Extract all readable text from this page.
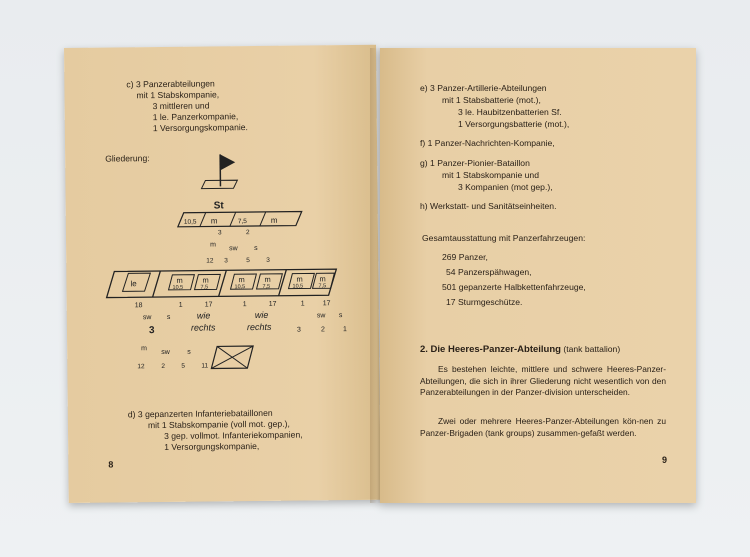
c) 3 Panzerabteilungen
mit 1 Stabskompanie,
3 mittleren und
1 le. Panzerkompanie,
1 Versorgungskompanie.
Gliederung:
St
10,5 m	7,5	m
3	2
m
sw s
12 3	5	3
le	m	m	m	m	m m
10,5	7,5	10,5	7,5	10,5	7,5
18	1	17	1	17	1	17
sw s	wie
rechts
wie
rechts
sw s
3	3	2	1
m
sw s
12	2	5	11
d) 3 gepanzerten Infanteriebataillonen
mit 1 Stabskompanie (voll mot. gep.),
3 gep. vollmot. Infanteriekompanien,
1 Versorgungskompanie,
8
e) 3 Panzer-Artillerie-Abteilungen
mit 1 Stabsbatterie (mot.),
3 le. Haubitzenbatterien Sf.
1 Versorgungsbatterie (mot.),
f) 1 Panzer-Nachrichten-Kompanie,
g) 1 Panzer-Pionier-Bataillon
mit 1 Stabskompanie und
3 Kompanien (mot gep.),
h) Werkstatt- und Sanitätseinheiten.
Gesamtausstattung mit Panzerfahrzeugen:
269 Panzer,
54 Panzerspähwagen,
501 gepanzerte Halbkettenfahrzeuge,
17 Sturmgeschütze.
2. Die Heeres-Panzer-Abteilung (tank battalion)
Es bestehen leichte, mittlere und schwere Heeres-Panzer-Abteilungen, die sich in ihrer Gliederung nicht wesentlich von den Panzerabteilungen in der Panzer-division unterscheiden.
Zwei oder mehrere Heeres-Panzer-Abteilungen kön-nen zu Panzer-Brigaden (tank groups) zusammen-gefaßt werden.
9
